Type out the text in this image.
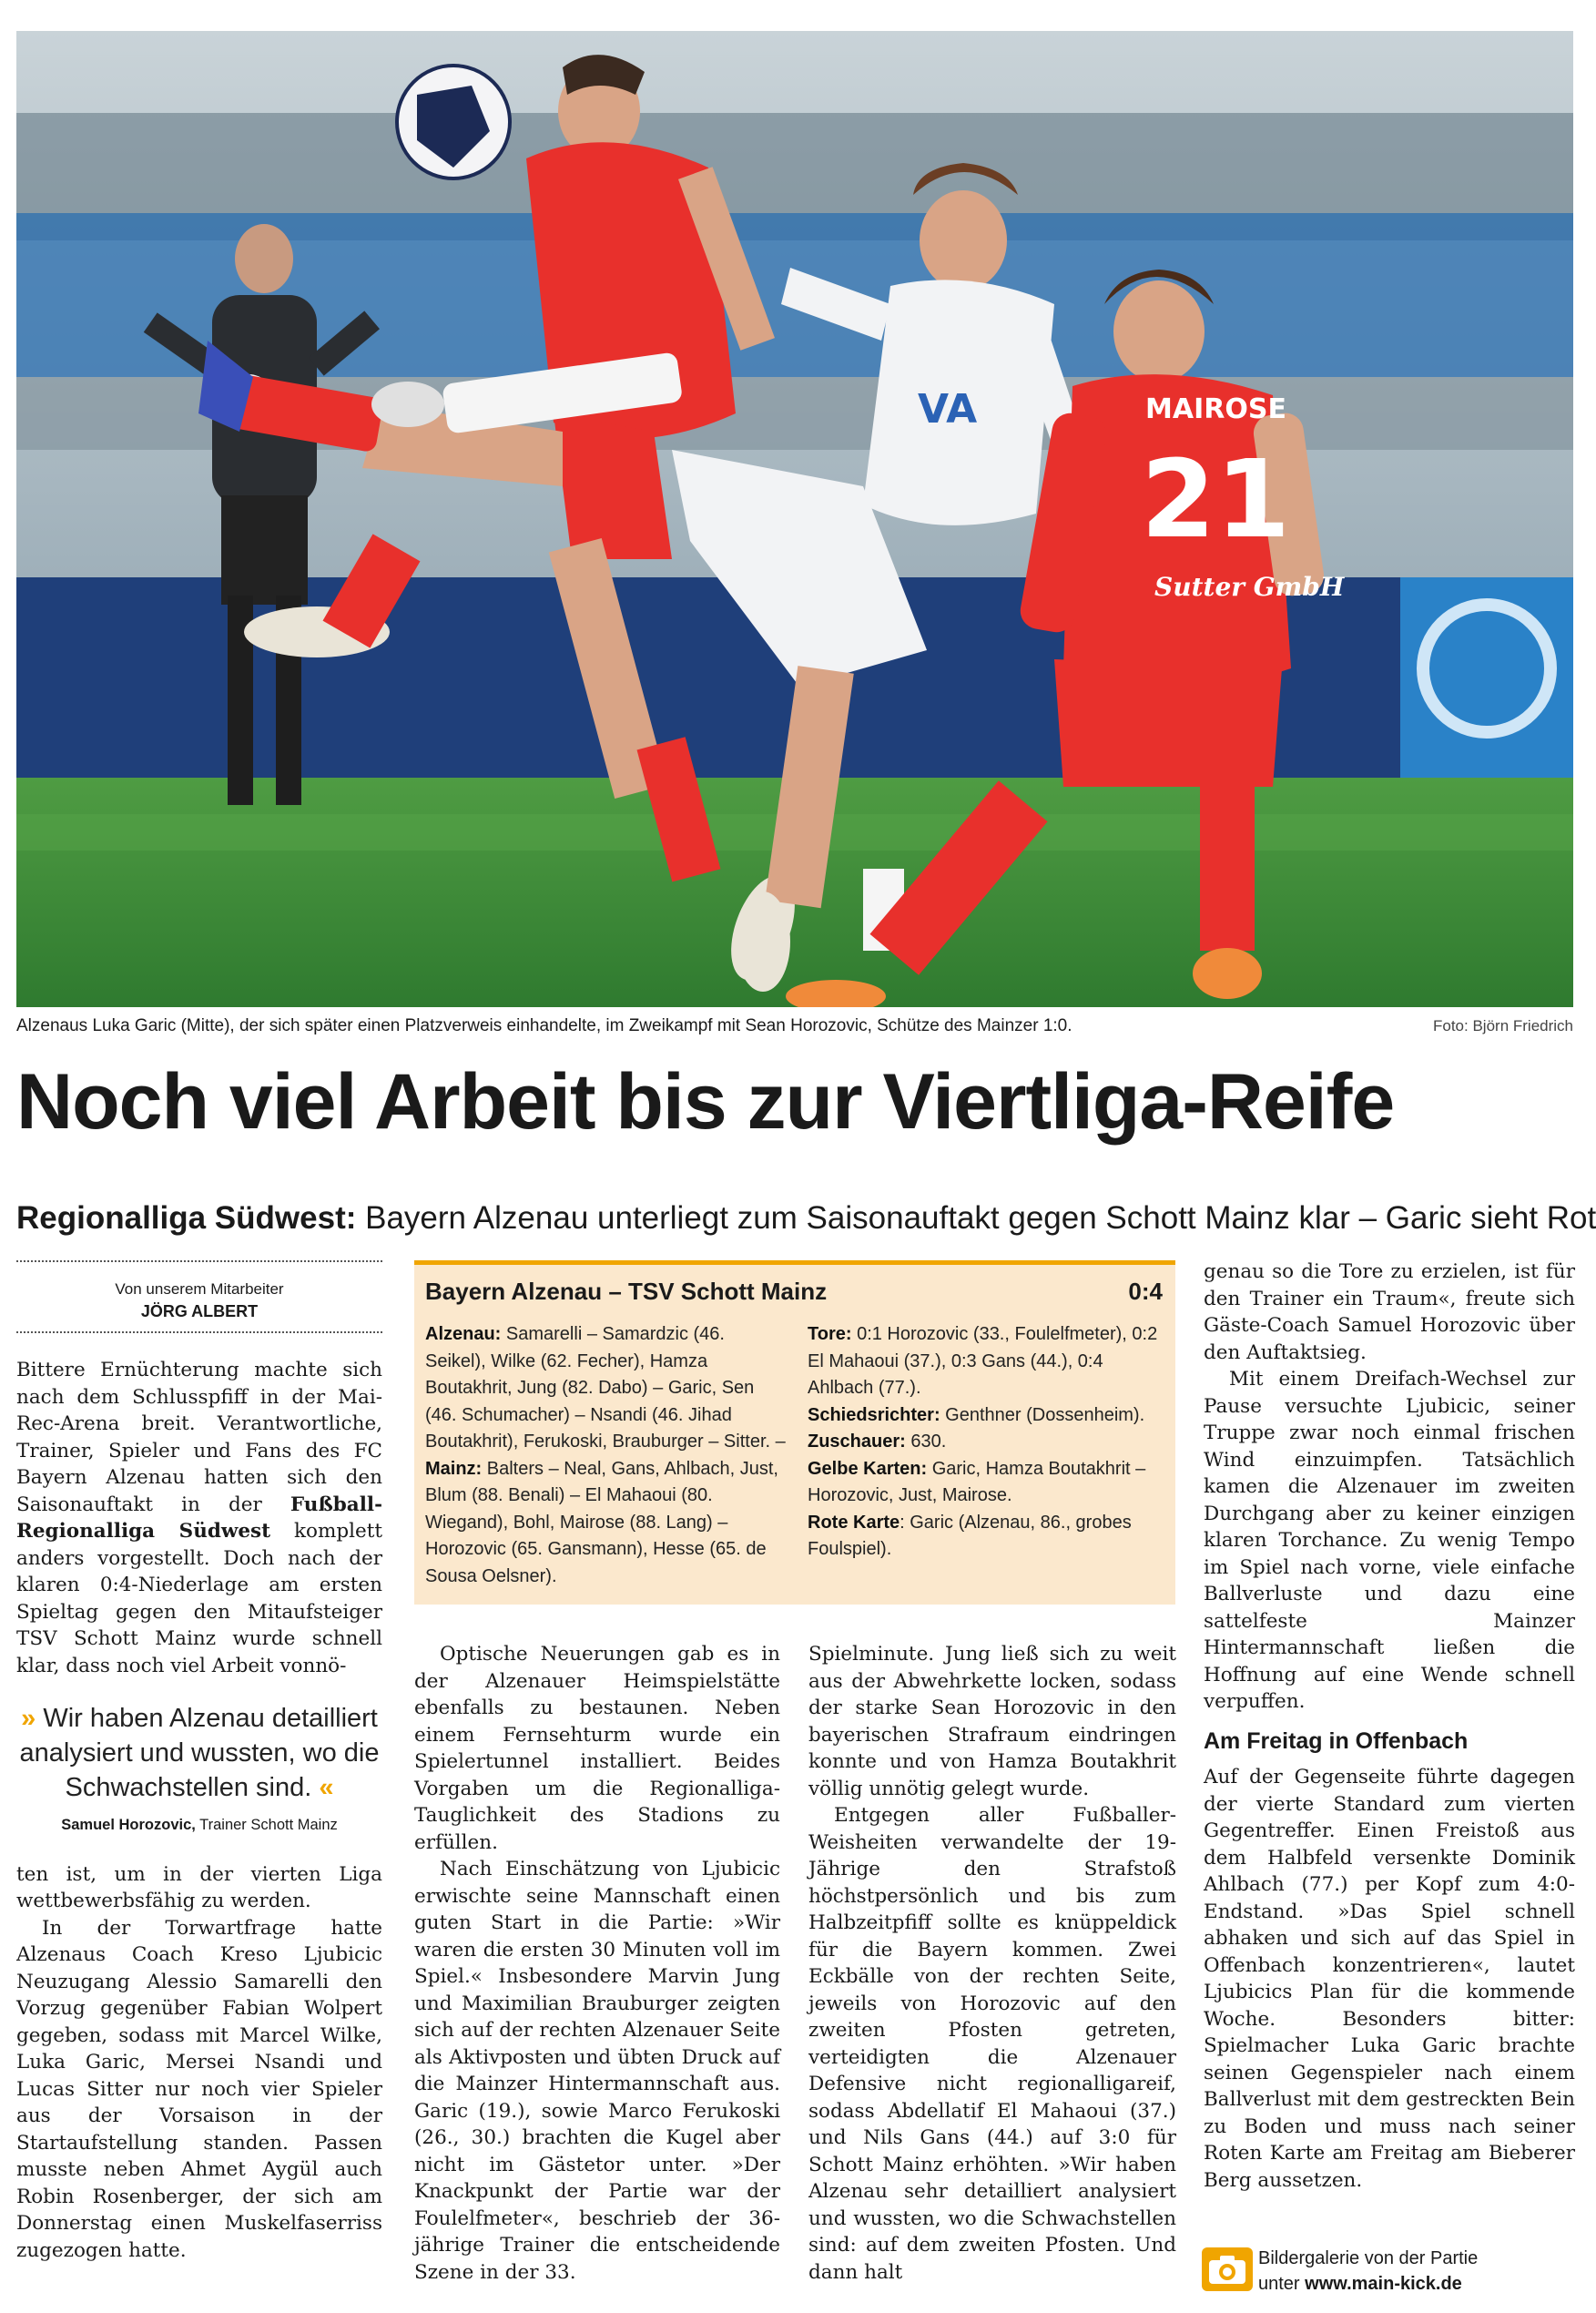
VA	MAIROSE
21
Sutter GmbH
Alzenaus Luka Garic (Mitte), der sich später einen Platzverweis einhandelte, im Zweikampf mit Sean Horozovic, Schütze des Mainzer 1:0.	Foto: Björn Friedrich
Noch viel Arbeit bis zur Viertliga-Reife
Regionalliga Südwest: Bayern Alzenau unterliegt zum Saisonauftakt gegen Schott Mainz klar – Garic sieht Rot
Von unserem Mitarbeiter
JÖRG ALBERT

Bittere Ernüchterung machte sich nach dem Schlusspfiff in der Mai-Rec-Arena breit. Verantwortliche, Trainer, Spieler und Fans des FC Bayern Alzenau hatten sich den Saisonauftakt in der Fußball-Regionalliga Südwest komplett anders vorgestellt. Doch nach der klaren 0:4-Niederlage am ersten Spieltag gegen den Mitaufsteiger TSV Schott Mainz wurde schnell klar, dass noch viel Arbeit vonnö-

» Wir haben Alzenau detailliert analysiert und wussten, wo die Schwachstellen sind. «
Samuel Horozovic, Trainer Schott Mainz

ten ist, um in der vierten Liga wettbewerbsfähig zu werden.

In der Torwartfrage hatte Alzenaus Coach Kreso Ljubicic Neuzugang Alessio Samarelli den Vorzug gegenüber Fabian Wolpert gegeben, sodass mit Marcel Wilke, Luka Garic, Mersei Nsandi und Lucas Sitter nur noch vier Spieler aus der Vorsaison in der Startaufstellung standen. Passen musste neben Ahmet Aygül auch Robin Rosenberger, der sich am Donnerstag einen Muskelfaserriss zugezogen hatte.

Bayern Alzenau – TSV Schott Mainz	0:4
Alzenau: Samarelli – Samardzic (46. Seikel), Wilke (62. Fecher), Hamza Boutakhrit, Jung (82. Dabo) – Garic, Sen (46. Schumacher) – Nsandi (46. Jihad Boutakhrit), Ferukoski, Brauburger – Sitter. – Mainz: Balters – Neal, Gans, Ahlbach, Just, Blum (88. Benali) – El Mahaoui (80. Wiegand), Bohl, Mairose (88. Lang) – Horozovic (65. Gansmann), Hesse (65. de Sousa Oelsner).
Tore: 0:1 Horozovic (33., Foulelfmeter), 0:2 El Mahaoui (37.), 0:3 Gans (44.), 0:4 Ahlbach (77.).
Schiedsrichter: Genthner (Dossenheim).
Zuschauer: 630.
Gelbe Karten: Garic, Hamza Boutakhrit – Horozovic, Just, Mairose.
Rote Karte: Garic (Alzenau, 86., grobes Foulspiel).

Optische Neuerungen gab es in der Alzenauer Heimspielstätte ebenfalls zu bestaunen. Neben einem Fernsehturm wurde ein Spielertunnel installiert. Beides Vorgaben um die Regionalliga-Tauglichkeit des Stadions zu erfüllen.

Nach Einschätzung von Ljubicic erwischte seine Mannschaft einen guten Start in die Partie: »Wir waren die ersten 30 Minuten voll im Spiel.« Insbesondere Marvin Jung und Maximilian Brauburger zeigten sich auf der rechten Alzenauer Seite als Aktivposten und übten Druck auf die Mainzer Hintermannschaft aus. Garic (19.), sowie Marco Ferukoski (26., 30.) brachten die Kugel aber nicht im Gästetor unter. »Der Knackpunkt der Partie war der Foulelfmeter«, beschrieb der 36-jährige Trainer die entscheidende Szene in der 33.

Spielminute. Jung ließ sich zu weit aus der Abwehrkette locken, sodass der starke Sean Horozovic in den bayerischen Strafraum eindringen konnte und von Hamza Boutakhrit völlig unnötig gelegt wurde.

Entgegen aller Fußballer-Weisheiten verwandelte der 19-Jährige den Strafstoß höchstpersönlich und bis zum Halbzeitpfiff sollte es knüppeldick für die Bayern kommen. Zwei Eckbälle von der rechten Seite, jeweils von Horozovic auf den zweiten Pfosten getreten, verteidigten die Alzenauer Defensive nicht regionalligareif, sodass Abdellatif El Mahaoui (37.) und Nils Gans (44.) auf 3:0 für Schott Mainz erhöhten. »Wir haben Alzenau sehr detailliert analysiert und wussten, wo die Schwachstellen sind: auf dem zweiten Pfosten. Und dann halt

genau so die Tore zu erzielen, ist für den Trainer ein Traum«, freute sich Gäste-Coach Samuel Horozovic über den Auftaktsieg.

Mit einem Dreifach-Wechsel zur Pause versuchte Ljubicic, seiner Truppe zwar noch einmal frischen Wind einzuimpfen. Tatsächlich kamen die Alzenauer im zweiten Durchgang aber zu keiner einzigen klaren Torchance. Zu wenig Tempo im Spiel nach vorne, viele einfache Ballverluste und dazu eine sattelfeste Mainzer Hintermannschaft ließen die Hoffnung auf eine Wende schnell verpuffen.

Am Freitag in Offenbach

Auf der Gegenseite führte dagegen der vierte Standard zum vierten Gegentreffer. Einen Freistoß aus dem Halbfeld versenkte Dominik Ahlbach (77.) per Kopf zum 4:0-Endstand. »Das Spiel schnell abhaken und sich auf das Spiel in Offenbach konzentrieren«, lautet Ljubicics Plan für die kommende Woche. Besonders bitter: Spielmacher Luka Garic brachte seinen Gegenspieler nach einem Ballverlust mit dem gestreckten Bein zu Boden und muss nach seiner Roten Karte am Freitag am Bieberer Berg aussetzen.

Bildergalerie von der Partie
unter www.main-kick.de
